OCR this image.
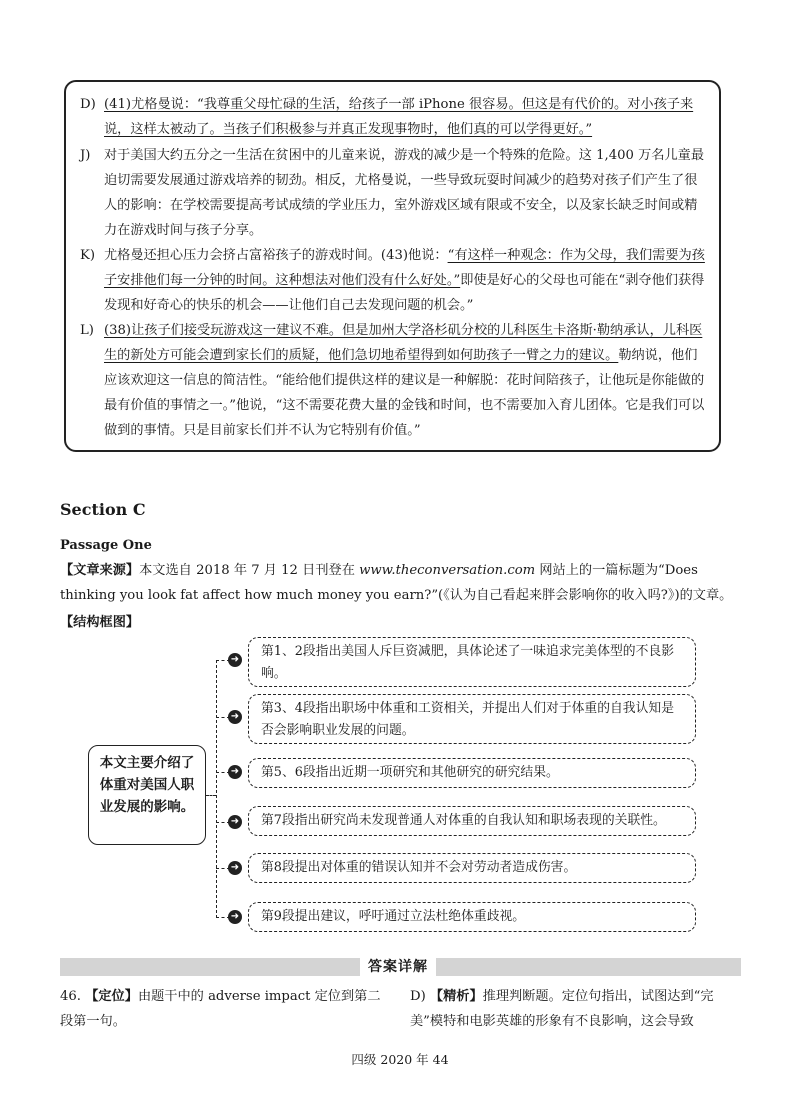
D) (41)尤格曼说：“我尊重父母忙碌的生活，给孩子一部 iPhone 很容易。但这是有代价的。对小孩子来说，这样太被动了。当孩子们积极参与并真正发现事物时，他们真的可以学得更好。”
J) 对于美国大约五分之一生活在贫困中的儿童来说，游戏的减少是一个特殊的危险。这 1,400 万名儿童最迫切需要发展通过游戏培养的韧劲。相反，尤格曼说，一些导致玩耍时间减少的趋势对孩子们产生了很人的影响：在学校需要提高考试成绩的学业压力，室外游戏区域有限或不安全，以及家长缺乏时间或精力在游戏时间与孩子分享。
K) 尤格曼还担心压力会挤占富裕孩子的游戏时间。(43)他说：“有这样一种观念：作为父母，我们需要为孩子安排他们每一分钟的时间。这种想法对他们没有什么好处。”即使是好心的父母也可能在“剥夺他们获得发现和好奇心的快乐的机会——让他们自己去发现问题的机会。”
L) (38)让孩子们接受玩游戏这一建议不难。但是加州大学洛杉矶分校的儿科医生卡洛斯·勒纳承认，儿科医生的新处方可能会遭到家长们的质疑，他们急切地希望得到如何助孩子一臂之力的建议。勒纳说，他们应该欢迎这一信息的简洁性。“能给他们提供这样的建议是一种解脱：花时间陪孩子，让他玩是你能做的最有价值的事情之一。”他说，“这不需要花费大量的金钱和时间，也不需要加入育儿团体。它是我们可以做到的事情。只是目前家长们并不认为它特别有价值。”
Section C
Passage One
【文章来源】本文选自 2018 年 7 月 12 日刊登在 www.theconversation.com 网站上的一篇标题为“Does thinking you look fat affect how much money you earn?”(《认为自己看起来胖会影响你的收入吗?》)的文章。
【结构框图】
本文主要介绍了体重对美国人职业发展的影响。
➜
第1、2段指出美国人斥巨资减肥，具体论述了一味追求完美体型的不良影响。
➜
第3、4段指出职场中体重和工资相关，并提出人们对于体重的自我认知是否会影响职业发展的问题。
➜	第5、6段指出近期一项研究和其他研究的研究结果。
➜	第7段指出研究尚未发现普通人对体重的自我认知和职场表现的关联性。
➜	第8段提出对体重的错误认知并不会对劳动者造成伤害。
➜	第9段提出建议，呼吁通过立法杜绝体重歧视。
答案详解
46. 【定位】由题干中的 adverse impact 定位到第二段第一句。
D) 【精析】推理判断题。定位句指出，试图达到“完美”模特和电影英雄的形象有不良影响，这会导致
四级 2020 年 44
